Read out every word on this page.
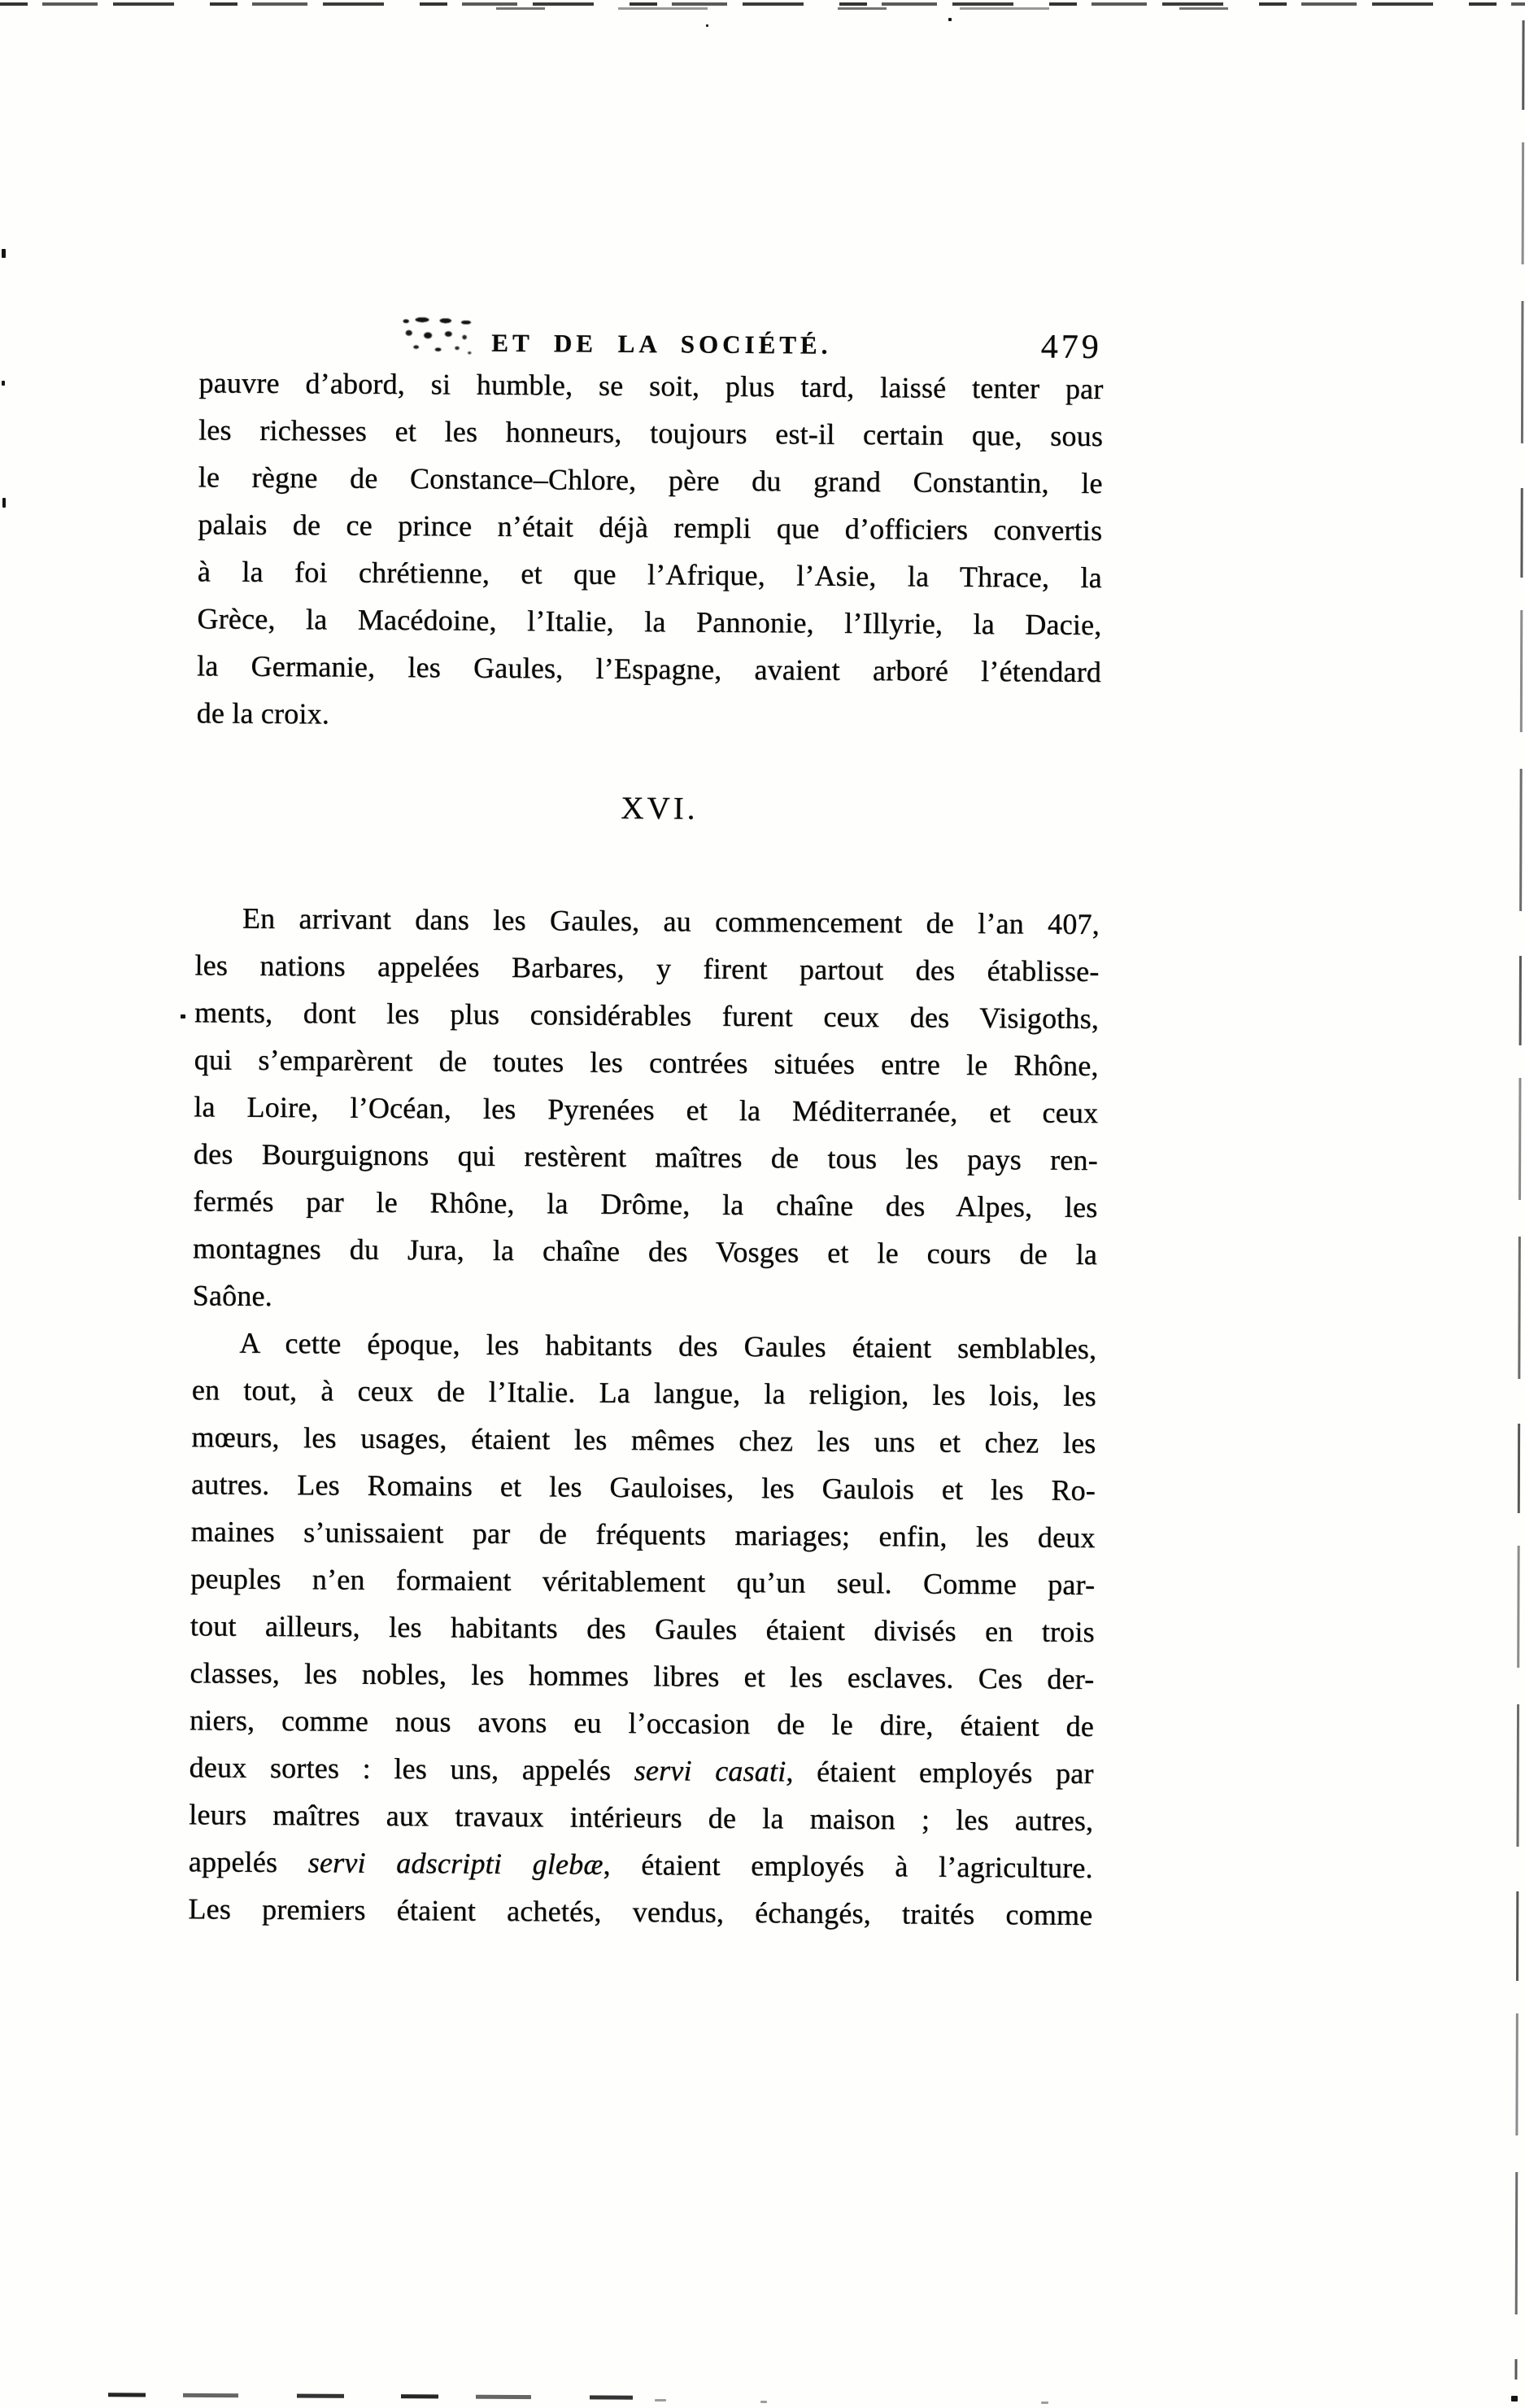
ET DE LA SOCIÉTÉ.	479
pauvre d’abord, si humble, se soit, plus tard, laissé tenter par
les richesses et les honneurs, toujours est-il certain que, sous
le règne de Constance–Chlore, père du grand Constantin, le
palais de ce prince n’était déjà rempli que d’officiers convertis
à la foi chrétienne, et que l’Afrique, l’Asie, la Thrace, la
Grèce, la Macédoine, l’Italie, la Pannonie, l’Illyrie, la Dacie,
la Germanie, les Gaules, l’Espagne, avaient arboré l’étendard
de la croix.
XVI.
En arrivant dans les Gaules, au commencement de l’an 407,
les nations appelées Barbares, y firent partout des établisse-
ments, dont les plus considérables furent ceux des Visigoths,
qui s’emparèrent de toutes les contrées situées entre le Rhône,
la Loire, l’Océan, les Pyrenées et la Méditerranée, et ceux
des Bourguignons qui restèrent maîtres de tous les pays ren-
fermés par le Rhône, la Drôme, la chaîne des Alpes, les
montagnes du Jura, la chaîne des Vosges et le cours de la
Saône.
A cette époque, les habitants des Gaules étaient semblables,
en tout, à ceux de l’Italie. La langue, la religion, les lois, les
mœurs, les usages, étaient les mêmes chez les uns et chez les
autres. Les Romains et les Gauloises, les Gaulois et les Ro-
maines s’unissaient par de fréquents mariages; enfin, les deux
peuples n’en formaient véritablement qu’un seul. Comme par-
tout ailleurs, les habitants des Gaules étaient divisés en trois
classes, les nobles, les hommes libres et les esclaves. Ces der-
niers, comme nous avons eu l’occasion de le dire, étaient de
deux sortes : les uns, appelés servi casati, étaient employés par
leurs maîtres aux travaux intérieurs de la maison ; les autres,
appelés servi adscripti glebæ, étaient employés à l’agriculture.
Les premiers étaient achetés, vendus, échangés, traités comme
